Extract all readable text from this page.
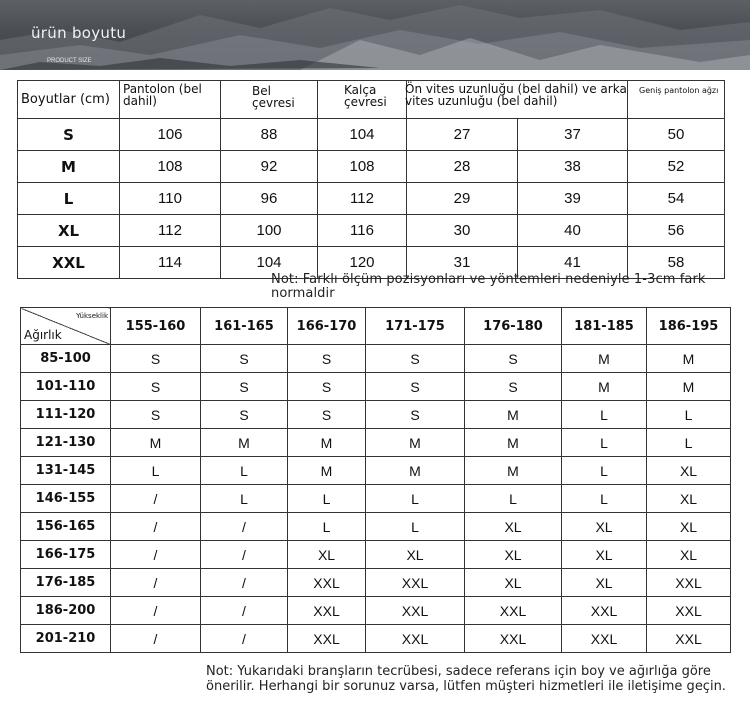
ürün boyutu
PRODUCT SIZE
Boyutlar (cm)	Pantolon (bel dahil)	Bel çevresi	Kalça çevresi	Ön vites uzunluğu (bel dahil) ve arka vites uzunluğu (bel dahil)		Geniş pantolon ağzı
S	106	88	104	27	37	50
M	108	92	108	28	38	52
L	110	96	112	29	39	54
XL	112	100	116	30	40	56
XXL	114	104	120	31	41	58
Not: Farklı ölçüm pozisyonları ve yöntemleri nedeniyle 1-3cm fark normaldir
Ağırlık
Yükseklik	155-160	161-165	166-170	171-175	176-180	181-185	186-195
85-100	S	S	S	S	S	M	M
101-110	S	S	S	S	S	M	M
111-120	S	S	S	S	M	L	L
121-130	M	M	M	M	M	L	L
131-145	L	L	M	M	M	L	XL
146-155	/	L	L	L	L	L	XL
156-165	/	/	L	L	XL	XL	XL
166-175	/	/	XL	XL	XL	XL	XL
176-185	/	/	XXL	XXL	XL	XL	XXL
186-200	/	/	XXL	XXL	XXL	XXL	XXL
201-210	/	/	XXL	XXL	XXL	XXL	XXL
Not: Yukarıdaki branşların tecrübesi, sadece referans için boy ve ağırlığa göre önerilir. Herhangi bir sorunuz varsa, lütfen müşteri hizmetleri ile iletişime geçin.
